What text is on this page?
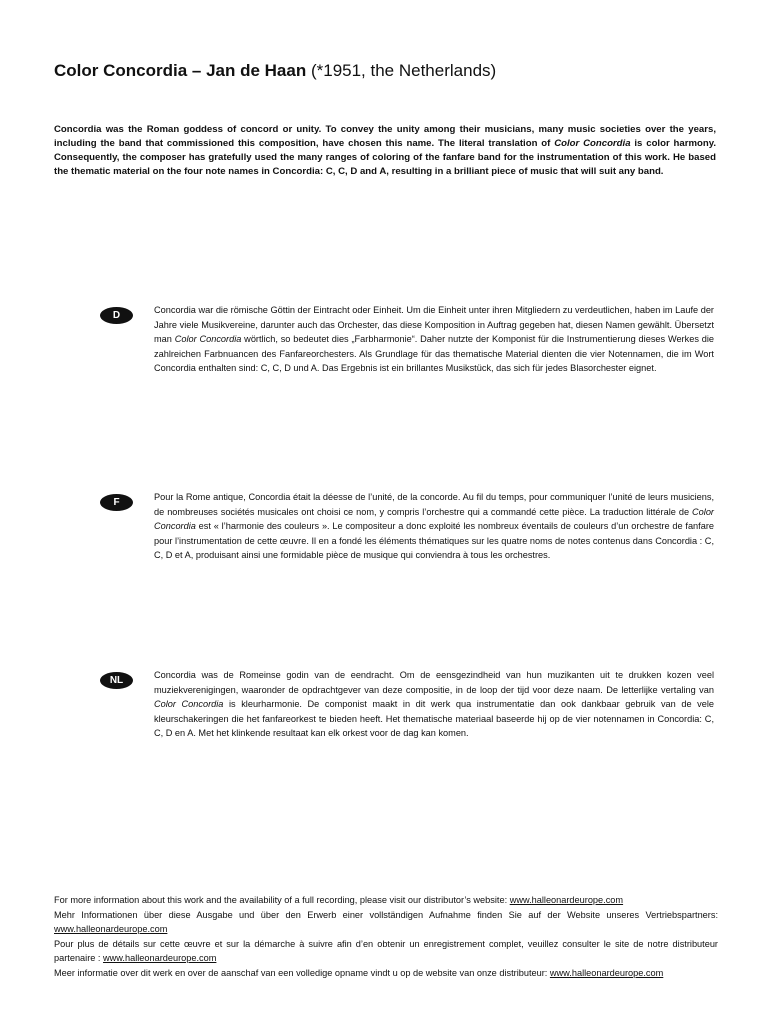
Color Concordia – Jan de Haan (*1951, the Netherlands)
Concordia was the Roman goddess of concord or unity. To convey the unity among their musicians, many music societies over the years, including the band that commissioned this composition, have chosen this name. The literal translation of Color Concordia is color harmony. Consequently, the composer has gratefully used the many ranges of coloring of the fanfare band for the instrumentation of this work. He based the thematic material on the four note names in Concordia: C, C, D and A, resulting in a brilliant piece of music that will suit any band.
D	Concordia war die römische Göttin der Eintracht oder Einheit. Um die Einheit unter ihren Mitgliedern zu verdeutlichen, haben im Laufe der Jahre viele Musikvereine, darunter auch das Orchester, das diese Komposition in Auftrag gegeben hat, diesen Namen gewählt. Übersetzt man Color Concordia wörtlich, so bedeutet dies „Farbharmonie“. Daher nutzte der Komponist für die Instrumentierung dieses Werkes die zahlreichen Farbnuancen des Fanfareorchesters. Als Grundlage für das thematische Material dienten die vier Notennamen, die im Wort Concordia enthalten sind: C, C, D und A. Das Ergebnis ist ein brillantes Musikstück, das sich für jedes Blasorchester eignet.
F	Pour la Rome antique, Concordia était la déesse de l’unité, de la concorde. Au fil du temps, pour communiquer l’unité de leurs musiciens, de nombreuses sociétés musicales ont choisi ce nom, y compris l’orchestre qui a commandé cette pièce. La traduction littérale de Color Concordia est « l’harmonie des couleurs ». Le compositeur a donc exploité les nombreux éventails de couleurs d’un orchestre de fanfare pour l’instrumentation de cette œuvre. Il en a fondé les éléments thématiques sur les quatre noms de notes contenus dans Concordia : C, C, D et A, produisant ainsi une formidable pièce de musique qui conviendra à tous les orchestres.
NL	Concordia was de Romeinse godin van de eendracht. Om de eensgezindheid van hun muzikanten uit te drukken kozen veel muziekverenigingen, waaronder de opdrachtgever van deze compositie, in de loop der tijd voor deze naam. De letterlijke vertaling van Color Concordia is kleurharmonie. De componist maakt in dit werk qua instrumentatie dan ook dankbaar gebruik van de vele kleurschakeringen die het fanfareorkest te bieden heeft. Het thematische materiaal baseerde hij op de vier notennamen in Concordia: C, C, D en A. Met het klinkende resultaat kan elk orkest voor de dag kan komen.

For more information about this work and the availability of a full recording, please visit our distributor’s website: www.halleonardeurope.com

Mehr Informationen über diese Ausgabe und über den Erwerb einer vollständigen Aufnahme finden Sie auf der Website unseres Vertriebspartners: www.halleonardeurope.com

Pour plus de détails sur cette œuvre et sur la démarche à suivre afin d’en obtenir un enregistrement complet, veuillez consulter le site de notre distributeur partenaire : www.halleonardeurope.com

Meer informatie over dit werk en over de aanschaf van een volledige opname vindt u op de website van onze distributeur: www.halleonardeurope.com
